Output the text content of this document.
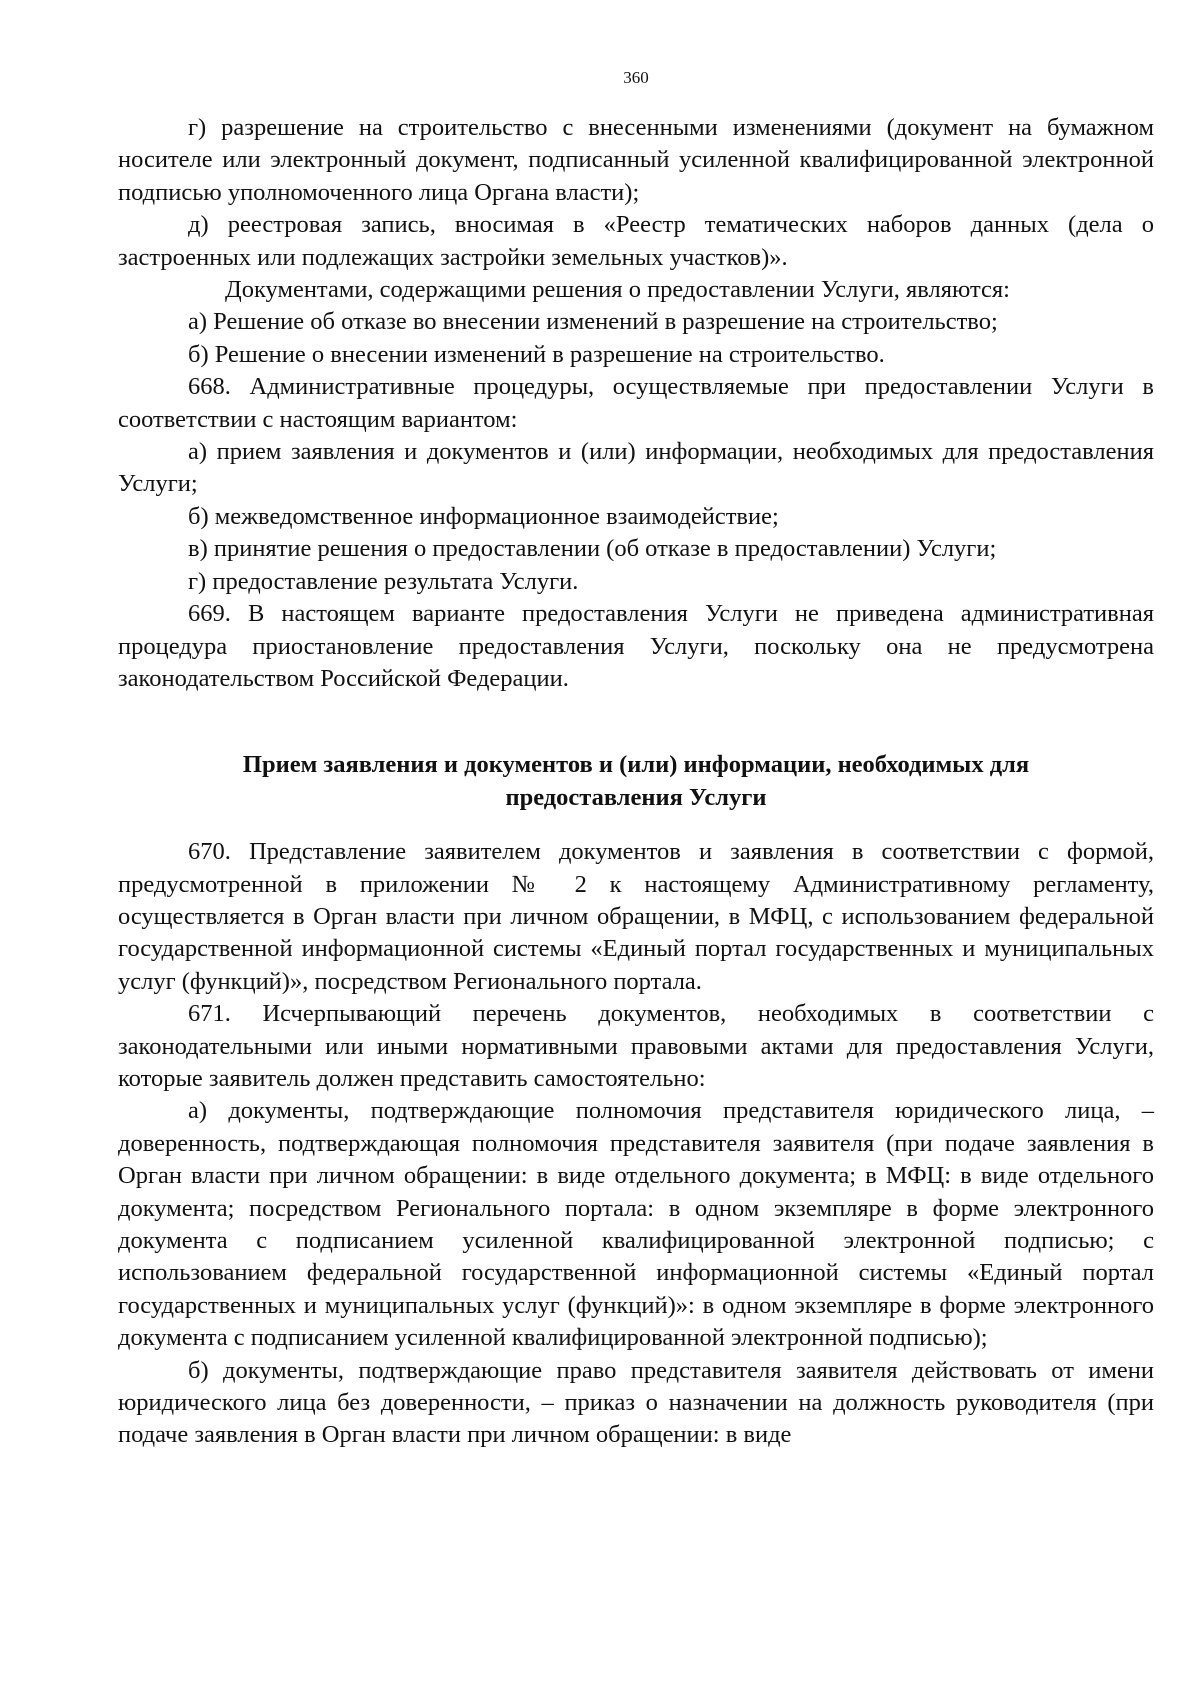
360

г) разрешение на строительство с внесенными изменениями (документ на бумажном носителе или электронный документ, подписанный усиленной квалифицированной электронной подписью уполномоченного лица Органа власти);

д) реестровая запись, вносимая в «Реестр тематических наборов данных (дела о застроенных или подлежащих застройки земельных участков)».

Документами, содержащими решения о предоставлении Услуги, являются:

а) Решение об отказе во внесении изменений в разрешение на строительство;

б) Решение о внесении изменений в разрешение на строительство.

668. Административные процедуры, осуществляемые при предоставлении Услуги в соответствии с настоящим вариантом:

а) прием заявления и документов и (или) информации, необходимых для предоставления Услуги;

б) межведомственное информационное взаимодействие;

в) принятие решения о предоставлении (об отказе в предоставлении) Услуги;

г) предоставление результата Услуги.

669. В настоящем варианте предоставления Услуги не приведена административная процедура приостановление предоставления Услуги, поскольку она не предусмотрена законодательством Российской Федерации.

Прием заявления и документов и (или) информации, необходимых для

предоставления Услуги

670. Представление заявителем документов и заявления в соответствии с формой, предусмотренной в приложении № 2 к настоящему Административному регламенту, осуществляется в Орган власти при личном обращении, в МФЦ, с использованием федеральной государственной информационной системы «Единый портал государственных и муниципальных услуг (функций)», посредством Регионального портала.

671. Исчерпывающий перечень документов, необходимых в соответствии с законодательными или иными нормативными правовыми актами для предоставления Услуги, которые заявитель должен представить самостоятельно:

а) документы, подтверждающие полномочия представителя юридического лица, – доверенность, подтверждающая полномочия представителя заявителя (при подаче заявления в Орган власти при личном обращении: в виде отдельного документа; в МФЦ: в виде отдельного документа; посредством Регионального портала: в одном экземпляре в форме электронного документа с подписанием усиленной квалифицированной электронной подписью; с использованием федеральной государственной информационной системы «Единый портал государственных и муниципальных услуг (функций)»: в одном экземпляре в форме электронного документа с подписанием усиленной квалифицированной электронной подписью);

б) документы, подтверждающие право представителя заявителя действовать от имени юридического лица без доверенности, – приказ о назначении на должность руководителя (при подаче заявления в Орган власти при личном обращении: в виде
